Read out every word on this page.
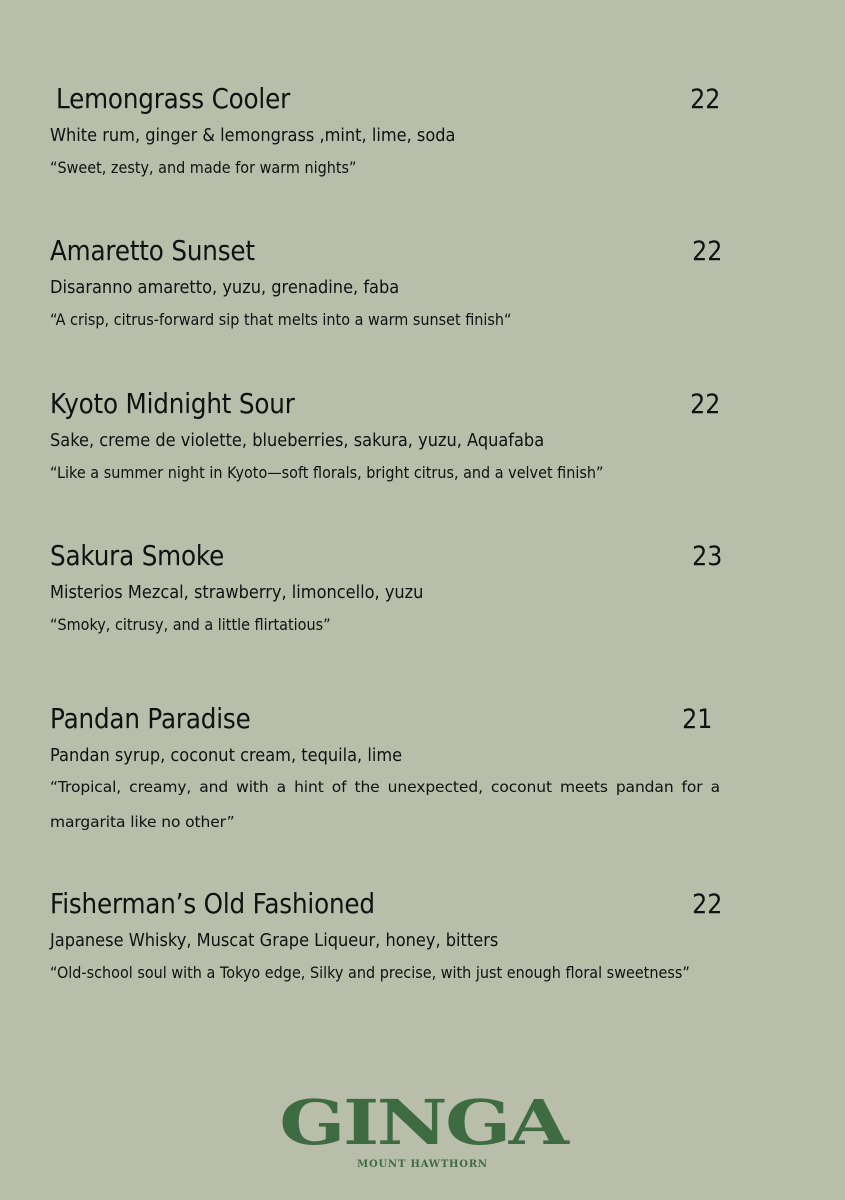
Lemongrass Cooler	22
White rum, ginger & lemongrass ,mint, lime, soda
“Sweet, zesty, and made for warm nights”
Amaretto Sunset	22
Disaranno amaretto, yuzu, grenadine, faba
“A crisp, citrus-forward sip that melts into a warm sunset finish“
Kyoto Midnight Sour	22
Sake, creme de violette, blueberries, sakura, yuzu, Aquafaba
“Like a summer night in Kyoto—soft florals, bright citrus, and a velvet finish”
Sakura Smoke	23
Misterios Mezcal, strawberry, limoncello, yuzu
“Smoky, citrusy, and a little flirtatious”
Pandan Paradise	21
Pandan syrup, coconut cream, tequila, lime
“Tropical, creamy, and with a hint of the unexpected, coconut meets pandan for a margarita like no other”
Fisherman’s Old Fashioned	22
Japanese Whisky, Muscat Grape Liqueur, honey, bitters
“Old-school soul with a Tokyo edge, Silky and precise, with just enough floral sweetness”
GINGA
MOUNT HAWTHORN
